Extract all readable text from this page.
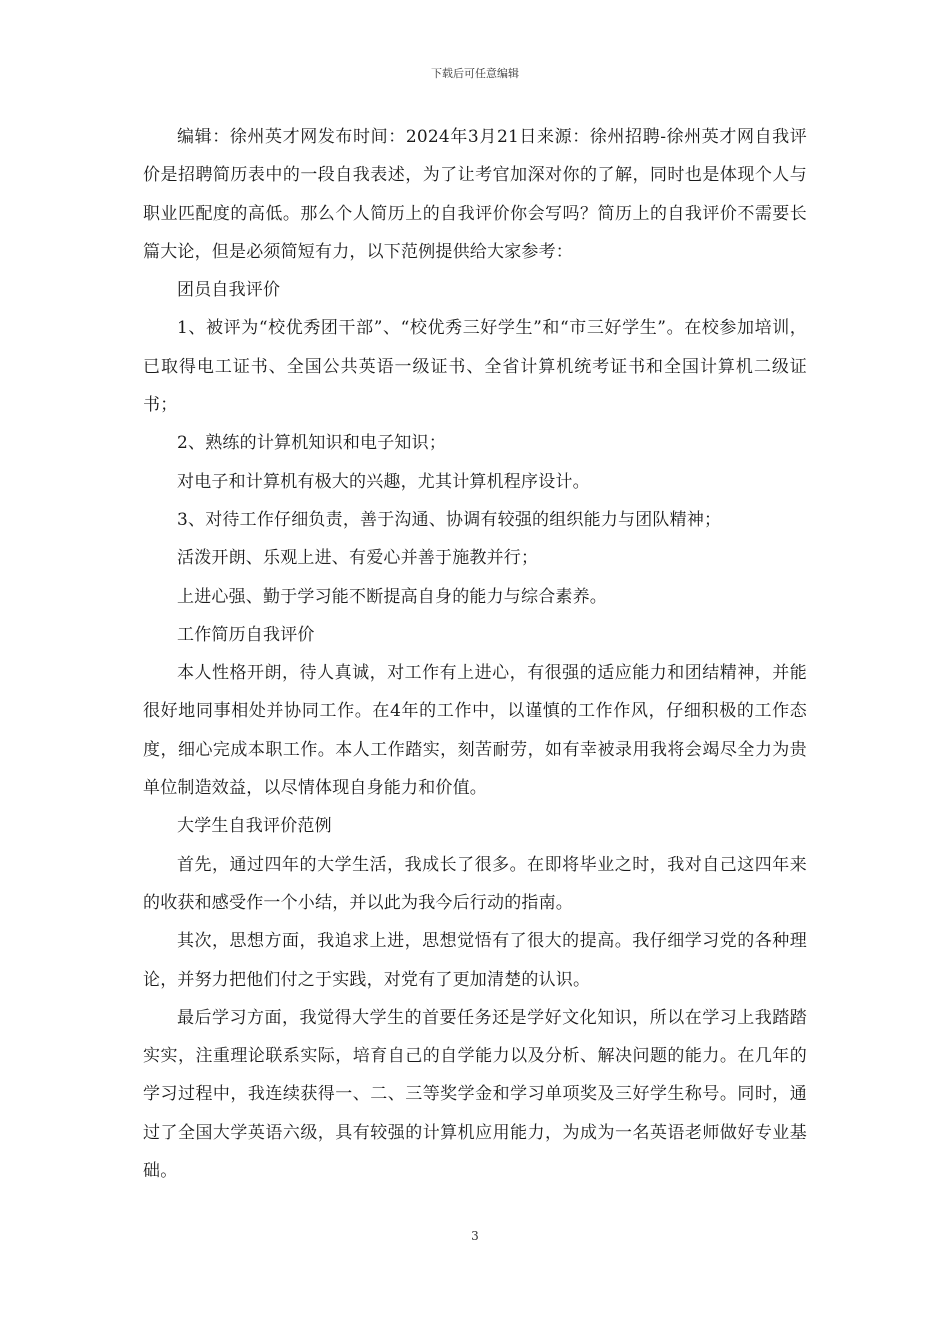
下载后可任意编辑

编辑：徐州英才网发布时间：2024年3月21日来源：徐州招聘-徐州英才网自我评价是招聘简历表中的一段自我表述，为了让考官加深对你的了解，同时也是体现个人与职业匹配度的高低。那么个人简历上的自我评价你会写吗？简历上的自我评价不需要长篇大论，但是必须简短有力，以下范例提供给大家参考：

团员自我评价

1、被评为“校优秀团干部”、“校优秀三好学生”和“市三好学生”。在校参加培训，已取得电工证书、全国公共英语一级证书、全省计算机统考证书和全国计算机二级证书；

2、熟练的计算机知识和电子知识；

对电子和计算机有极大的兴趣，尤其计算机程序设计。

3、对待工作仔细负责，善于沟通、协调有较强的组织能力与团队精神；

活泼开朗、乐观上进、有爱心并善于施教并行；

上进心强、勤于学习能不断提高自身的能力与综合素养。

工作简历自我评价

本人性格开朗，待人真诚，对工作有上进心，有很强的适应能力和团结精神，并能很好地同事相处并协同工作。在4年的工作中，以谨慎的工作作风，仔细积极的工作态度，细心完成本职工作。本人工作踏实，刻苦耐劳，如有幸被录用我将会竭尽全力为贵单位制造效益，以尽情体现自身能力和价值。

大学生自我评价范例

首先，通过四年的大学生活，我成长了很多。在即将毕业之时，我对自己这四年来的收获和感受作一个小结，并以此为我今后行动的指南。

其次，思想方面，我追求上进，思想觉悟有了很大的提高。我仔细学习党的各种理论，并努力把他们付之于实践，对党有了更加清楚的认识。

最后学习方面，我觉得大学生的首要任务还是学好文化知识，所以在学习上我踏踏实实，注重理论联系实际，培育自己的自学能力以及分析、解决问题的能力。在几年的学习过程中，我连续获得一、二、三等奖学金和学习单项奖及三好学生称号。同时，通过了全国大学英语六级，具有较强的计算机应用能力，为成为一名英语老师做好专业基础。

3
